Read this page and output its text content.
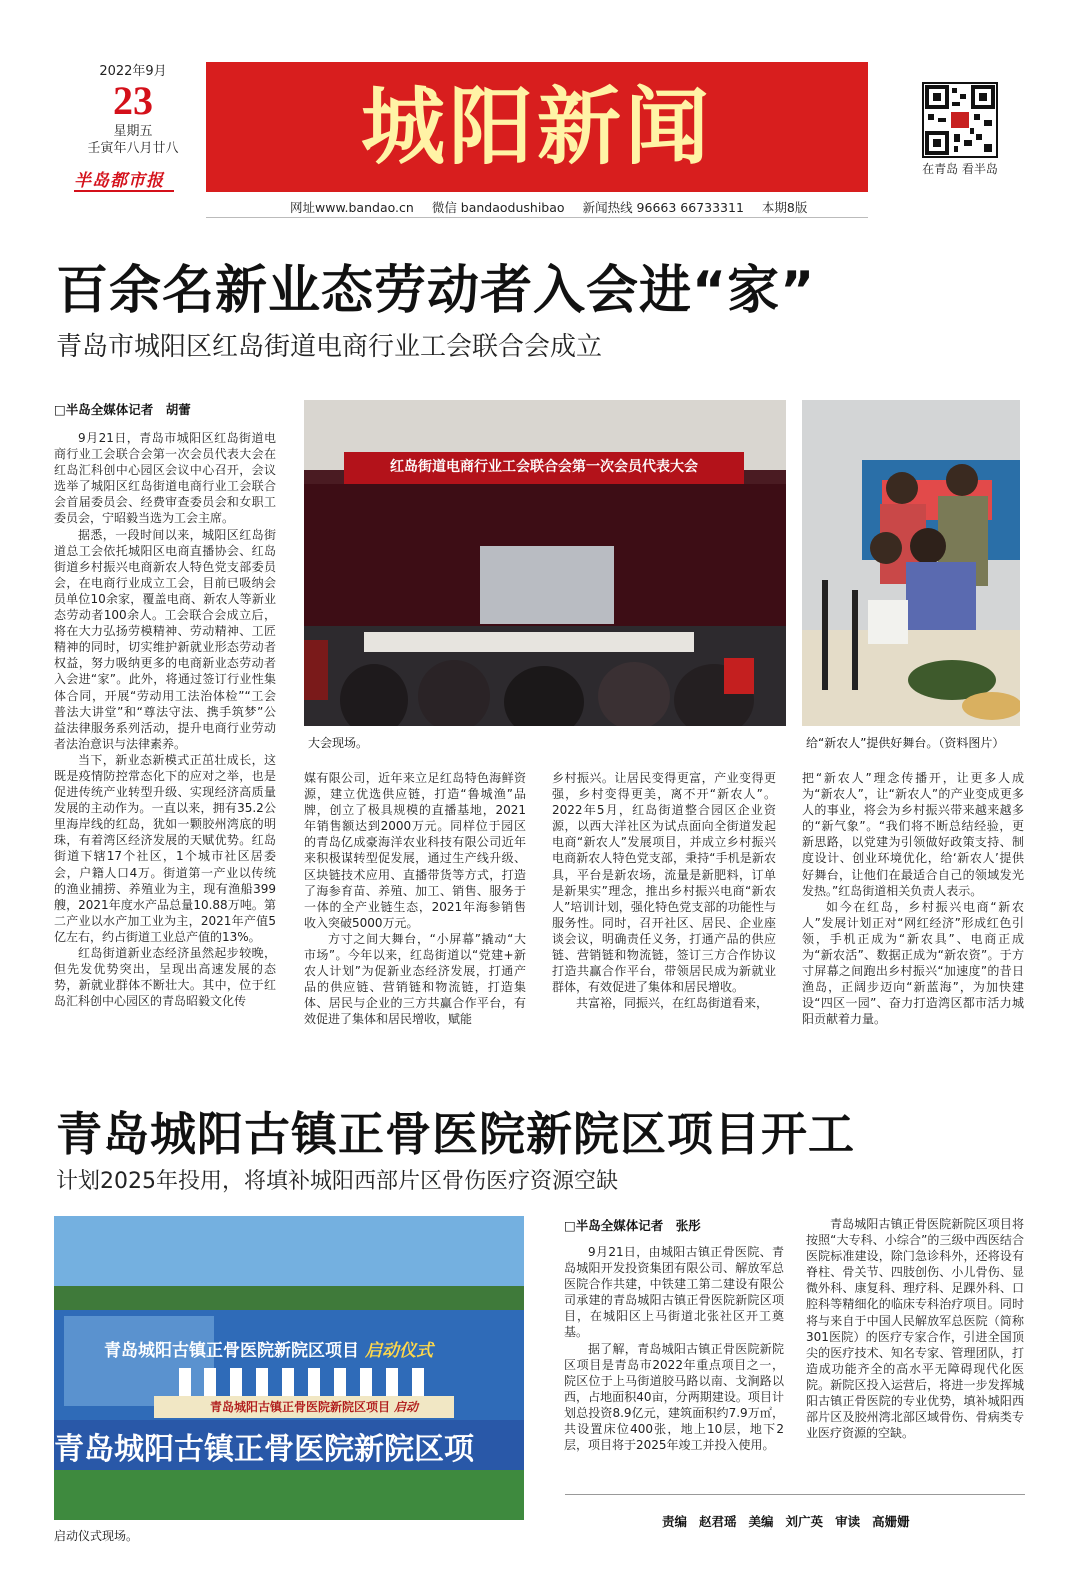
2022年9月
23
星期五
壬寅年八月廿八
半岛都市报
城阳新闻	在青岛 看半岛
网址www.bandao.cn 微信 bandaodushibao 新闻热线 96663 66733311 本期8版
百余名新业态劳动者入会进“家”
青岛市城阳区红岛街道电商行业工会联合会成立
□半岛全媒体记者　胡蕾

9月21日，青岛市城阳区红岛街道电商行业工会联合会第一次会员代表大会在红岛汇科创中心园区会议中心召开，会议选举了城阳区红岛街道电商行业工会联合会首届委员会、经费审查委员会和女职工委员会，宁昭毅当选为工会主席。

据悉，一段时间以来，城阳区红岛街道总工会依托城阳区电商直播协会、红岛街道乡村振兴电商新农人特色党支部委员会，在电商行业成立工会，目前已吸纳会员单位10余家，覆盖电商、新农人等新业态劳动者100余人。工会联合会成立后，将在大力弘扬劳模精神、劳动精神、工匠精神的同时，切实维护新就业形态劳动者权益，努力吸纳更多的电商新业态劳动者入会进“家”。此外，将通过签订行业性集体合同，开展“劳动用工法治体检”“工会普法大讲堂”和“尊法守法、携手筑梦”公益法律服务系列活动，提升电商行业劳动者法治意识与法律素养。

当下，新业态新模式正茁壮成长，这既是疫情防控常态化下的应对之举，也是促进传统产业转型升级、实现经济高质量发展的主动作为。一直以来，拥有35.2公里海岸线的红岛，犹如一颗胶州湾底的明珠，有着湾区经济发展的天赋优势。红岛街道下辖17个社区，1个城市社区居委会，户籍人口4万。街道第一产业以传统的渔业捕捞、养殖业为主，现有渔船399艘，2021年度水产品总量10.88万吨。第二产业以水产加工业为主，2021年产值5亿左右，约占街道工业总产值的13%。

红岛街道新业态经济虽然起步较晚，但先发优势突出，呈现出高速发展的态势，新就业群体不断壮大。其中，位于红岛汇科创中心园区的青岛昭毅文化传

红岛街道电商行业工会联合会第一次会员代表大会
大会现场。	给“新农人”提供好舞台。（资料图片）

媒有限公司，近年来立足红岛特色海鲜资源，建立优选供应链，打造“鲁城渔”品牌，创立了极具规模的直播基地，2021年销售额达到2000万元。同样位于园区的青岛亿成豪海洋农业科技有限公司近年来积极谋转型促发展，通过生产线升级、区块链技术应用、直播带货等方式，打造了海参育苗、养殖、加工、销售、服务于一体的全产业链生态，2021年海参销售收入突破5000万元。

方寸之间大舞台，“小屏幕”撬动“大市场”。今年以来，红岛街道以“党建+新农人计划”为促新业态经济发展，打通产品的供应链、营销链和物流链，打造集体、居民与企业的三方共赢合作平台，有效促进了集体和居民增收，赋能

乡村振兴。让居民变得更富，产业变得更强，乡村变得更美，离不开“新农人”。2022年5月，红岛街道整合园区企业资源，以西大洋社区为试点面向全街道发起电商“新农人”发展项目，并成立乡村振兴电商新农人特色党支部，秉持“手机是新农具，平台是新农场，流量是新肥料，订单是新果实”理念，推出乡村振兴电商“新农人”培训计划，强化特色党支部的功能性与服务性。同时，召开社区、居民、企业座谈会议，明确责任义务，打通产品的供应链、营销链和物流链，签订三方合作协议打造共赢合作平台，带领居民成为新就业群体，有效促进了集体和居民增收。

共富裕，同振兴，在红岛街道看来，

把“新农人”理念传播开，让更多人成为“新农人”，让“新农人”的产业变成更多人的事业，将会为乡村振兴带来越来越多的“新气象”。“我们将不断总结经验，更新思路，以党建为引领做好政策支持、制度设计、创业环境优化，给‘新农人’提供好舞台，让他们在最适合自己的领域发光发热。”红岛街道相关负责人表示。

如今在红岛，乡村振兴电商“新农人”发展计划正对“网红经济”形成红色引领，手机正成为“新农具”、电商正成为“新农活”、数据正成为“新农资”。于方寸屏幕之间跑出乡村振兴“加速度”的昔日渔岛，正阔步迈向“新蓝海”，为加快建设“四区一园”、奋力打造湾区都市活力城阳贡献着力量。

青岛城阳古镇正骨医院新院区项目开工
计划2025年投用，将填补城阳西部片区骨伤医疗资源空缺
青岛城阳古镇正骨医院新院区项目 启动仪式
青岛城阳古镇正骨医院新院区项目 启动
青岛城阳古镇正骨医院新院区项
启动仪式现场。
□半岛全媒体记者　张彤

9月21日，由城阳古镇正骨医院、青岛城阳开发投资集团有限公司、解放军总医院合作共建，中铁建工第二建设有限公司承建的青岛城阳古镇正骨医院新院区项目，在城阳区上马街道北张社区开工奠基。

据了解，青岛城阳古镇正骨医院新院区项目是青岛市2022年重点项目之一，院区位于上马街道胶马路以南、戈涧路以西，占地面积40亩，分两期建设。项目计划总投资8.9亿元，建筑面积约7.9万㎡，共设置床位400张，地上10层，地下2层，项目将于2025年竣工并投入使用。

青岛城阳古镇正骨医院新院区项目将按照“大专科、小综合”的三级中西医结合医院标准建设，除门急诊科外，还将设有脊柱、骨关节、四肢创伤、小儿骨伤、显微外科、康复科、理疗科、足踝外科、口腔科等精细化的临床专科治疗项目。同时将与来自于中国人民解放军总医院（简称301医院）的医疗专家合作，引进全国顶尖的医疗技术、知名专家、管理团队，打造成功能齐全的高水平无障碍现代化医院。新院区投入运营后，将进一步发挥城阳古镇正骨医院的专业优势，填补城阳西部片区及胶州湾北部区域骨伤、骨病类专业医疗资源的空缺。

责编 赵君瑶 美编 刘广英 审读 高姗姗
